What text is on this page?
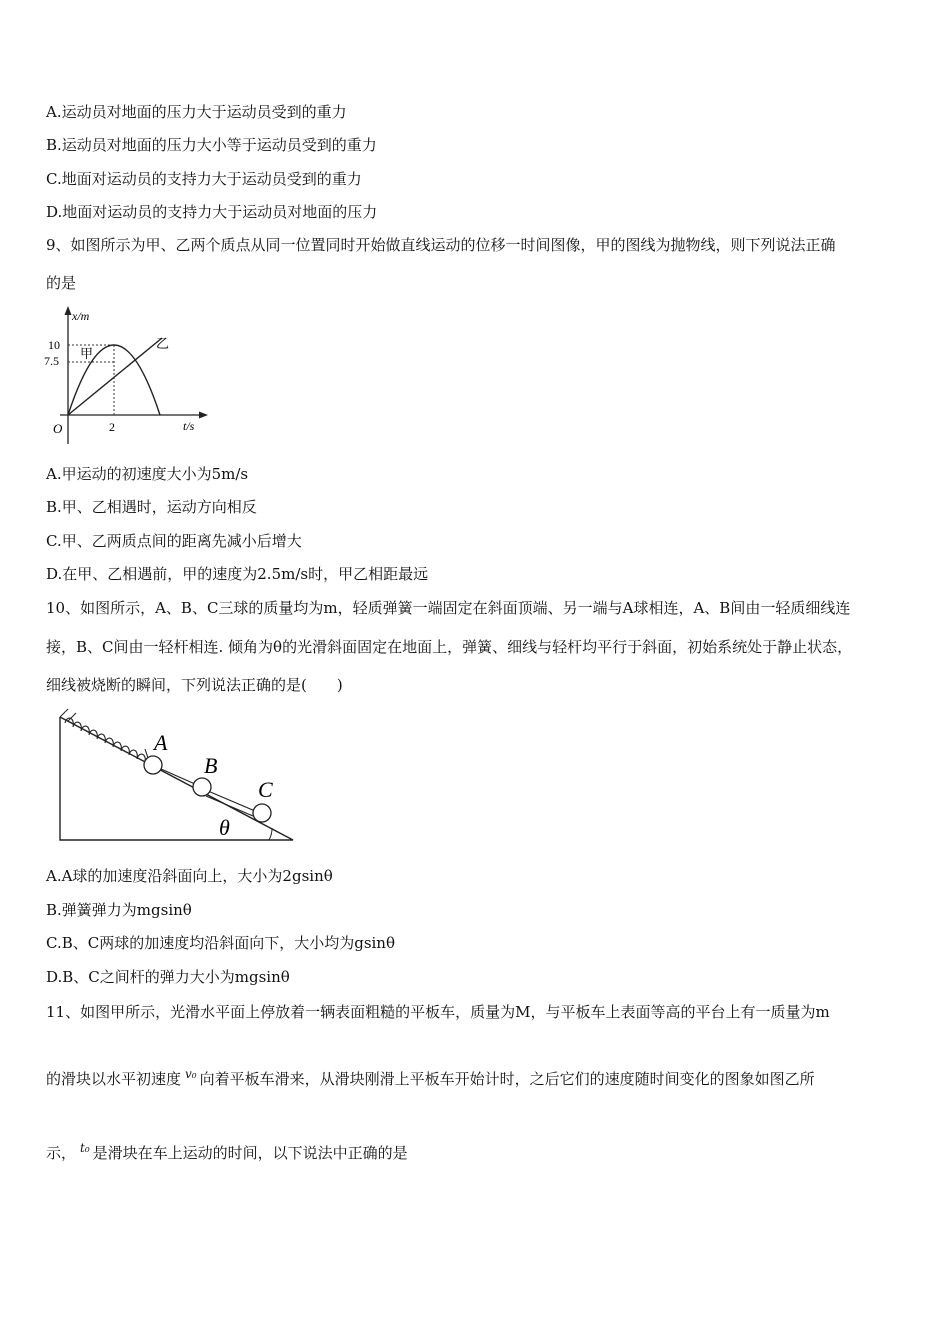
A.运动员对地面的压力大于运动员受到的重力
B.运动员对地面的压力大小等于运动员受到的重力
C.地面对运动员的支持力大于运动员受到的重力
D.地面对运动员的支持力大于运动员对地面的压力
9、如图所示为甲、乙两个质点从同一位置同时开始做直线运动的位移一时间图像，甲的图线为抛物线，则下列说法正确
的是
x/m
10
7.5
O	2	t/s
甲
乙
A.甲运动的初速度大小为5m/s
B.甲、乙相遇时，运动方向相反
C.甲、乙两质点间的距离先减小后增大
D.在甲、乙相遇前，甲的速度为2.5m/s时，甲乙相距最远
10、如图所示，A、B、C三球的质量均为m，轻质弹簧一端固定在斜面顶端、另一端与A球相连，A、B间由一轻质细线连
接，B、C间由一轻杆相连. 倾角为θ的光滑斜面固定在地面上，弹簧、细线与轻杆均平行于斜面，初始系统处于静止状态，
细线被烧断的瞬间，下列说法正确的是(　　)
A
B
C
θ
A.A球的加速度沿斜面向上，大小为2gsinθ
B.弹簧弹力为mgsinθ
C.B、C两球的加速度均沿斜面向下，大小均为gsinθ
D.B、C之间杆的弹力大小为mgsinθ
11、如图甲所示，光滑水平面上停放着一辆表面粗糙的平板车，质量为M，与平板车上表面等高的平台上有一质量为m
的滑块以水平初速度 $^{v_0}$ 向着平板车滑来，从滑块刚滑上平板车开始计时，之后它们的速度随时间变化的图象如图乙所
示， $^{t_0}$ 是滑块在车上运动的时间，以下说法中正确的是
